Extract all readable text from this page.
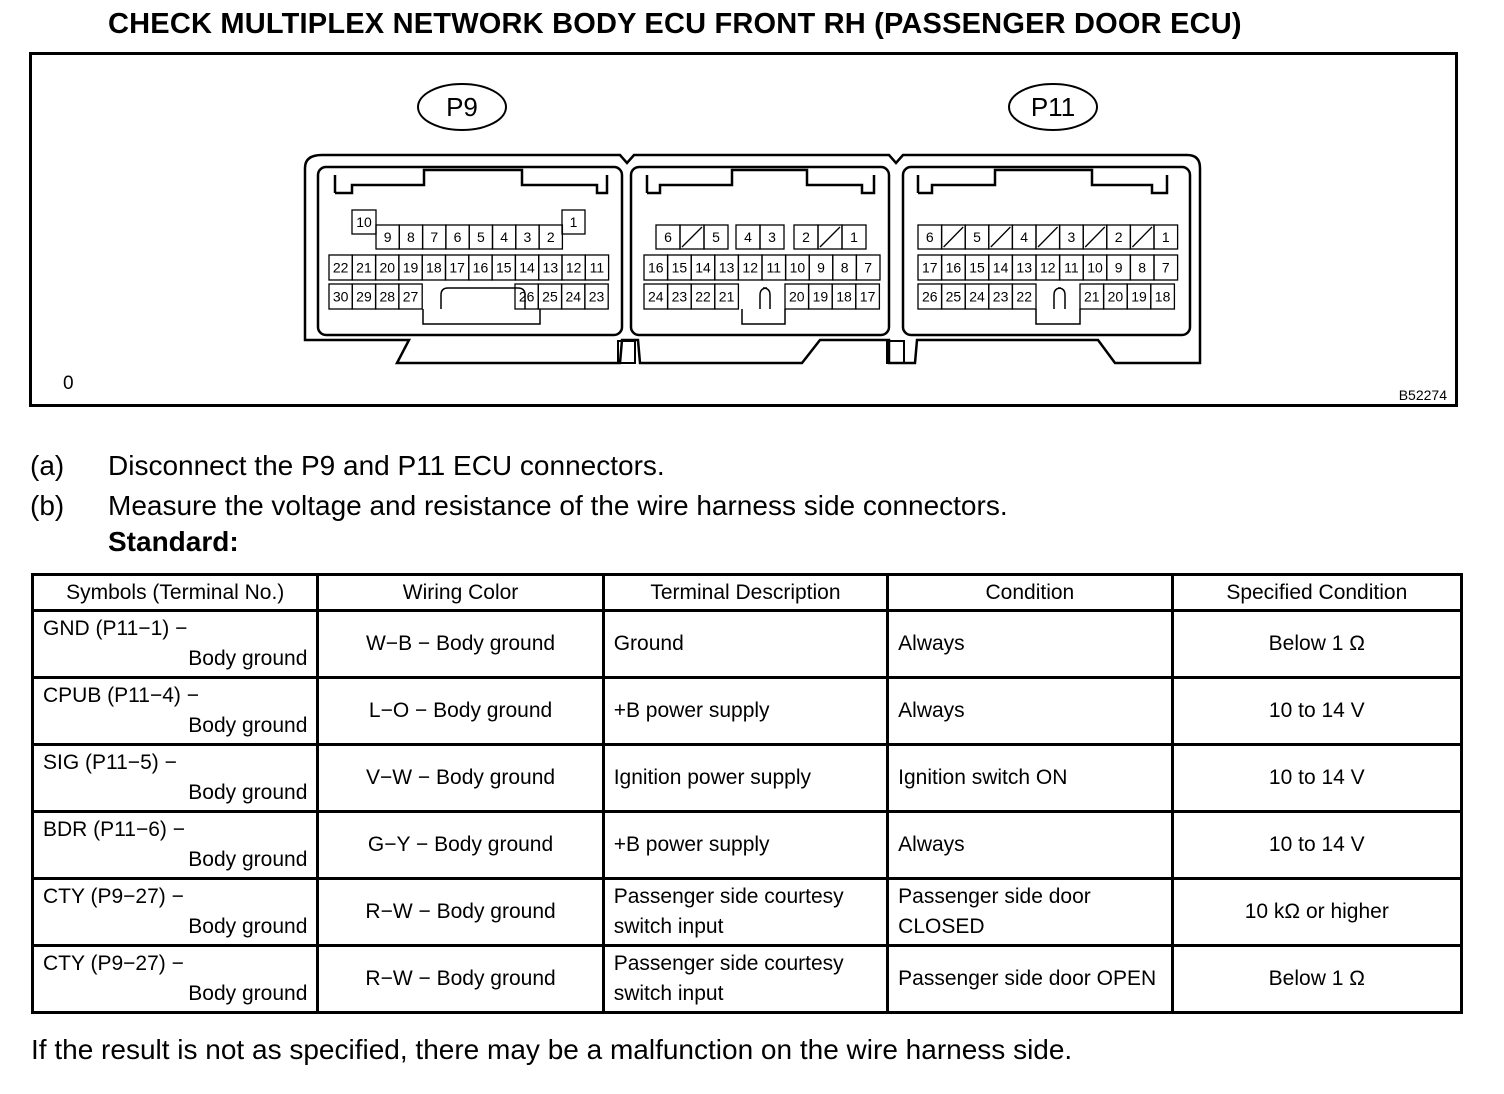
CHECK MULTIPLEX NETWORK BODY ECU FRONT RH (PASSENGER DOOR ECU)
P9	P11
10	1
9 8 7 6 5 4 3 2
22 21 20 19 18 17 16 15 14 13 12 11
30 29 28 27	26 25 24 23
6	5 4 3 2	1
16 15 14 13 12 11 10 9 8 7
24 23 22 21	20 19 18 17
6	5	4	3	2	1
17 16 15 14 13 12 11 10 9 8 7
26 25 24 23 22	21 20 19 18
0
B52274
(a)	Disconnect the P9 and P11 ECU connectors.
(b)	Measure the voltage and resistance of the wire harness side connectors.
Standard:
Symbols (Terminal No.)	Wiring Color	Terminal Description	Condition	Specified Condition

GND (P11−1) −
Body ground	W−B − Body ground	Ground	Always	Below 1 Ω

CPUB (P11−4) −
Body ground	L−O − Body ground	+B power supply	Always	10 to 14 V

SIG (P11−5) −
Body ground	V−W − Body ground	Ignition power supply	Ignition switch ON	10 to 14 V

BDR (P11−6) −
Body ground	G−Y − Body ground	+B power supply	Always	10 to 14 V

CTY (P9−27) −
Body ground	R−W − Body ground	Passenger side courtesy switch input	Passenger side door CLOSED	10 kΩ or higher

CTY (P9−27) −
Body ground	R−W − Body ground	Passenger side courtesy switch input	Passenger side door OPEN	Below 1 Ω
If the result is not as specified, there may be a malfunction on the wire harness side.
